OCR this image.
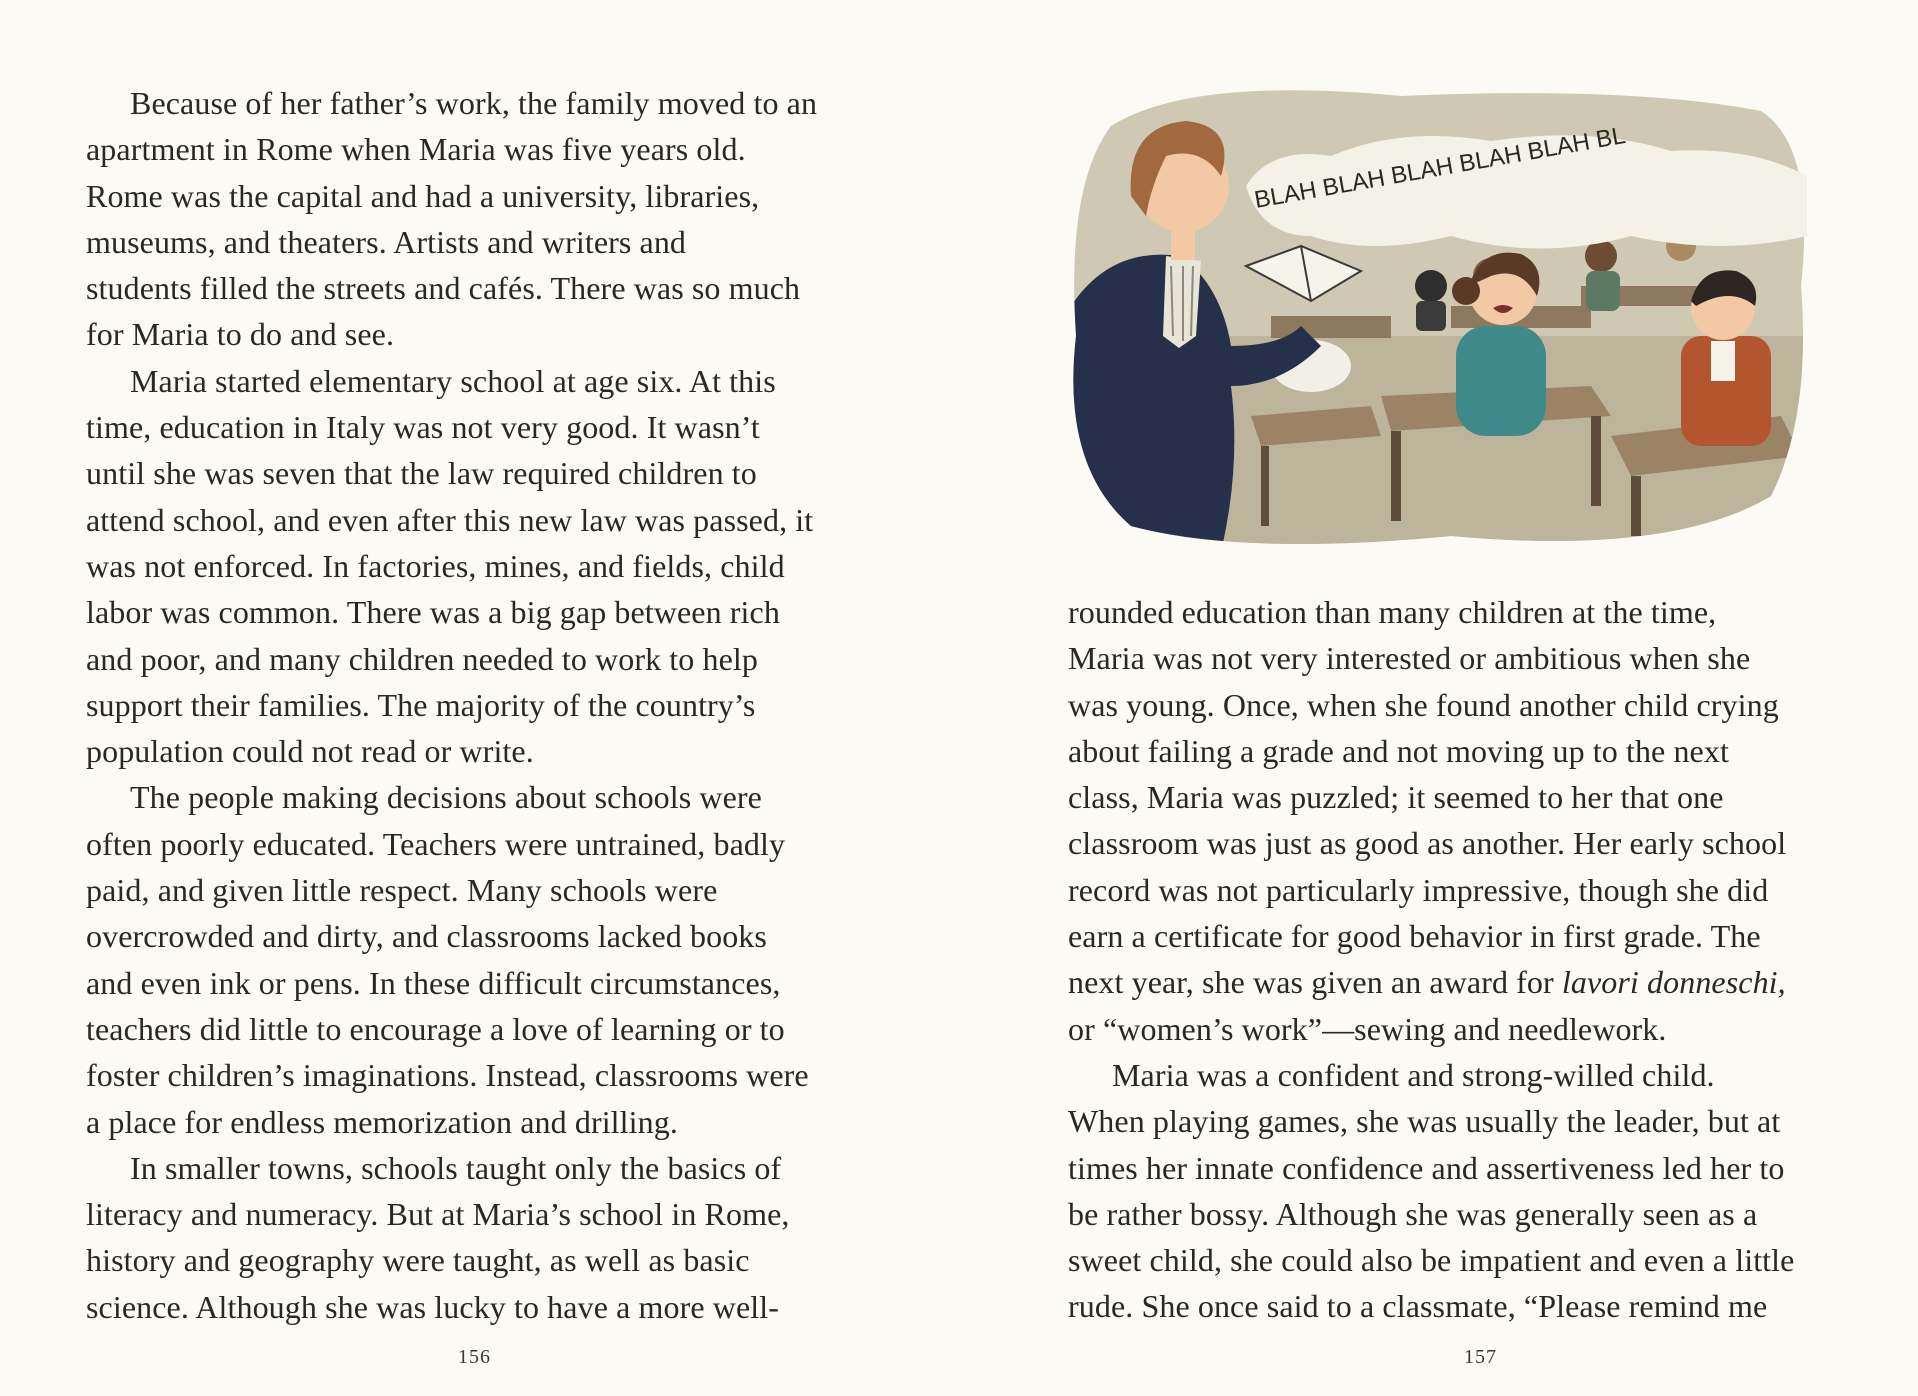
Because of her father’s work, the family moved to an
apartment in Rome when Maria was five years old.
Rome was the capital and had a university, libraries,
museums, and theaters. Artists and writers and
students filled the streets and cafés. There was so much
for Maria to do and see.
Maria started elementary school at age six. At this
time, education in Italy was not very good. It wasn’t
until she was seven that the law required children to
attend school, and even after this new law was passed, it
was not enforced. In factories, mines, and fields, child
labor was common. There was a big gap between rich
and poor, and many children needed to work to help
support their families. The majority of the country’s
population could not read or write.
The people making decisions about schools were
often poorly educated. Teachers were untrained, badly
paid, and given little respect. Many schools were
overcrowded and dirty, and classrooms lacked books
and even ink or pens. In these difficult circumstances,
teachers did little to encourage a love of learning or to
foster children’s imaginations. Instead, classrooms were
a place for endless memorization and drilling.
In smaller towns, schools taught only the basics of
literacy and numeracy. But at Maria’s school in Rome,
history and geography were taught, as well as basic
science. Although she was lucky to have a more well-
156
BLAH BLAH BLAH BLAH BLAH BL
rounded education than many children at the time,
Maria was not very interested or ambitious when she
was young. Once, when she found another child crying
about failing a grade and not moving up to the next
class, Maria was puzzled; it seemed to her that one
classroom was just as good as another. Her early school
record was not particularly impressive, though she did
earn a certificate for good behavior in first grade. The
next year, she was given an award for lavori donneschi,
or “women’s work”—sewing and needlework.
Maria was a confident and strong-willed child.
When playing games, she was usually the leader, but at
times her innate confidence and assertiveness led her to
be rather bossy. Although she was generally seen as a
sweet child, she could also be impatient and even a little
rude. She once said to a classmate, “Please remind me
157
